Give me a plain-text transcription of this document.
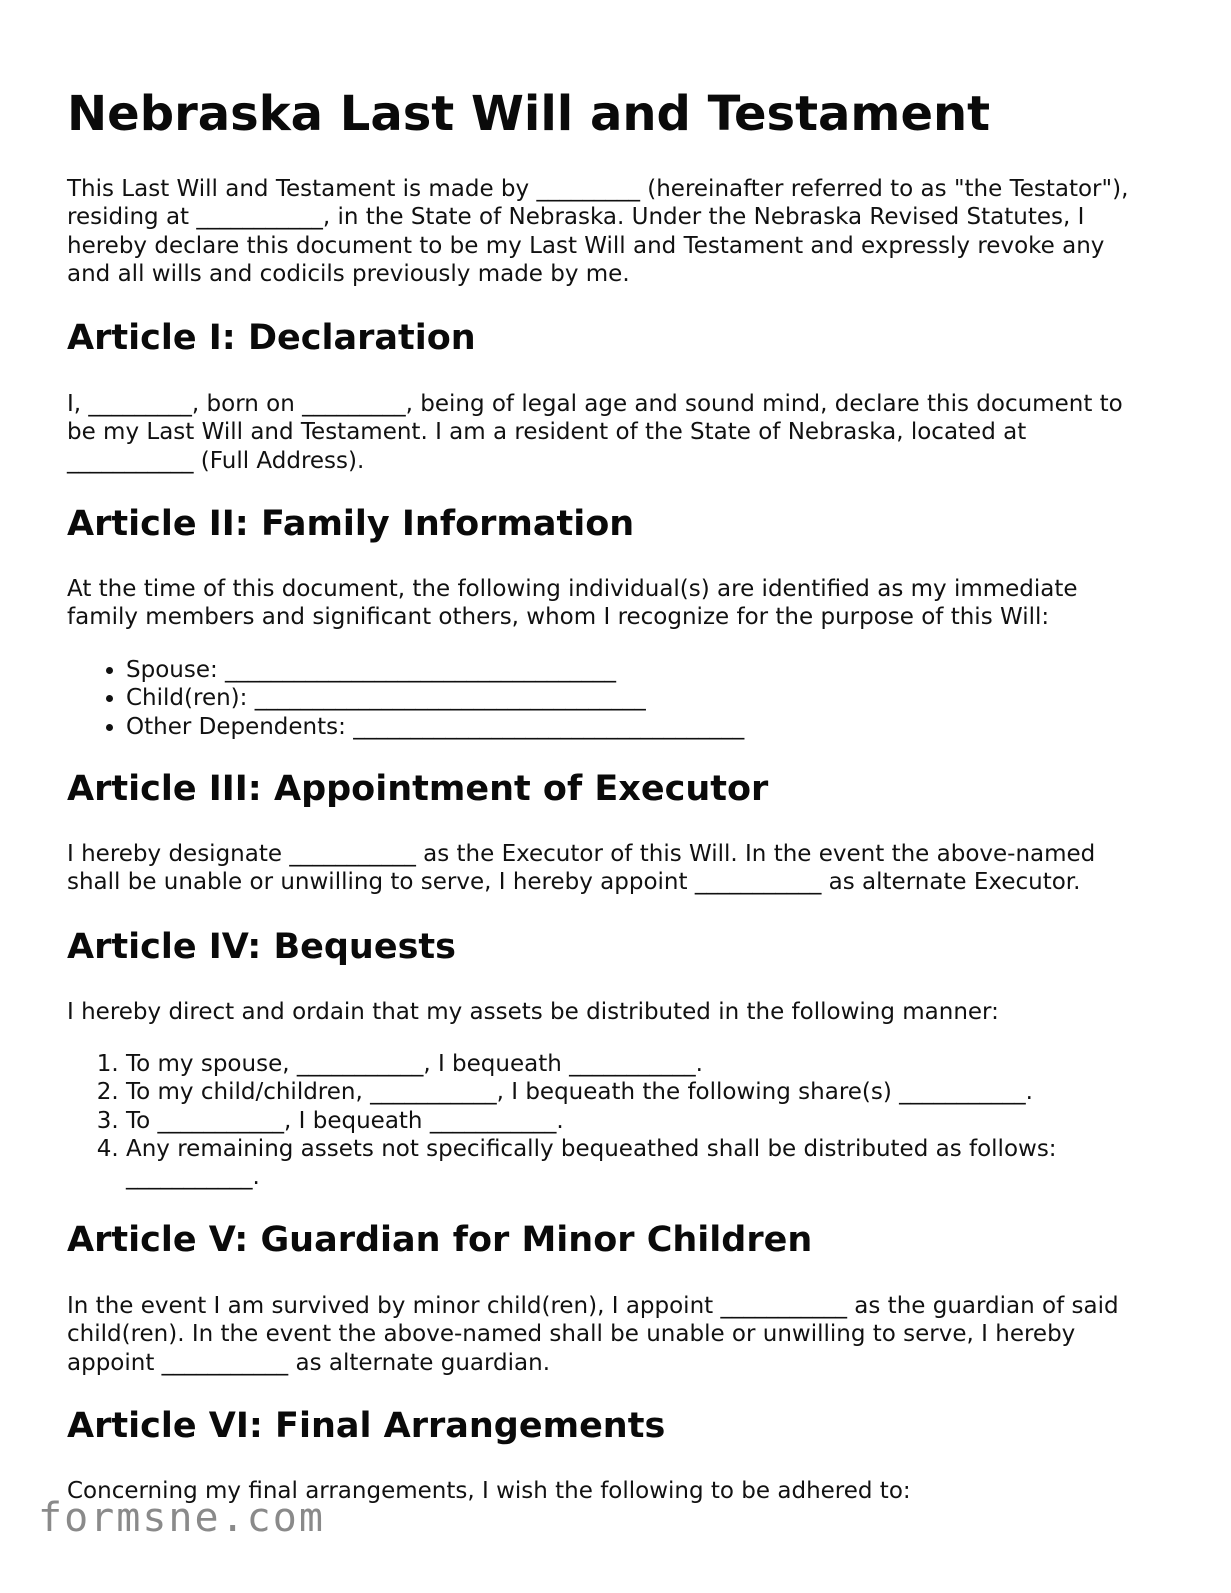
Nebraska Last Will and Testament

This Last Will and Testament is made by _________ (hereinafter referred to as "the Testator"), residing at ___________, in the State of Nebraska. Under the Nebraska Revised Statutes, I hereby declare this document to be my Last Will and Testament and expressly revoke any and all wills and codicils previously made by me.

Article I: Declaration

I, _________, born on _________, being of legal age and sound mind, declare this document to be my Last Will and Testament. I am a resident of the State of Nebraska, located at ___________ (Full Address).

Article II: Family Information

At the time of this document, the following individual(s) are identified as my immediate family members and significant others, whom I recognize for the purpose of this Will:

• Spouse: __________________________________
• Child(ren): __________________________________
• Other Dependents: __________________________________
Article III: Appointment of Executor

I hereby designate ___________ as the Executor of this Will. In the event the above-named shall be unable or unwilling to serve, I hereby appoint ___________ as alternate Executor.

Article IV: Bequests

I hereby direct and ordain that my assets be distributed in the following manner:

1. To my spouse, ___________, I bequeath ___________.
2. To my child/children, ___________, I bequeath the following share(s) ___________.
3. To ___________, I bequeath ___________.
4. Any remaining assets not specifically bequeathed shall be distributed as follows: ___________.
Article V: Guardian for Minor Children

In the event I am survived by minor child(ren), I appoint ___________ as the guardian of said child(ren). In the event the above-named shall be unable or unwilling to serve, I hereby appoint ___________ as alternate guardian.

Article VI: Final Arrangements

Concerning my final arrangements, I wish the following to be adhered to:

formsne.com
